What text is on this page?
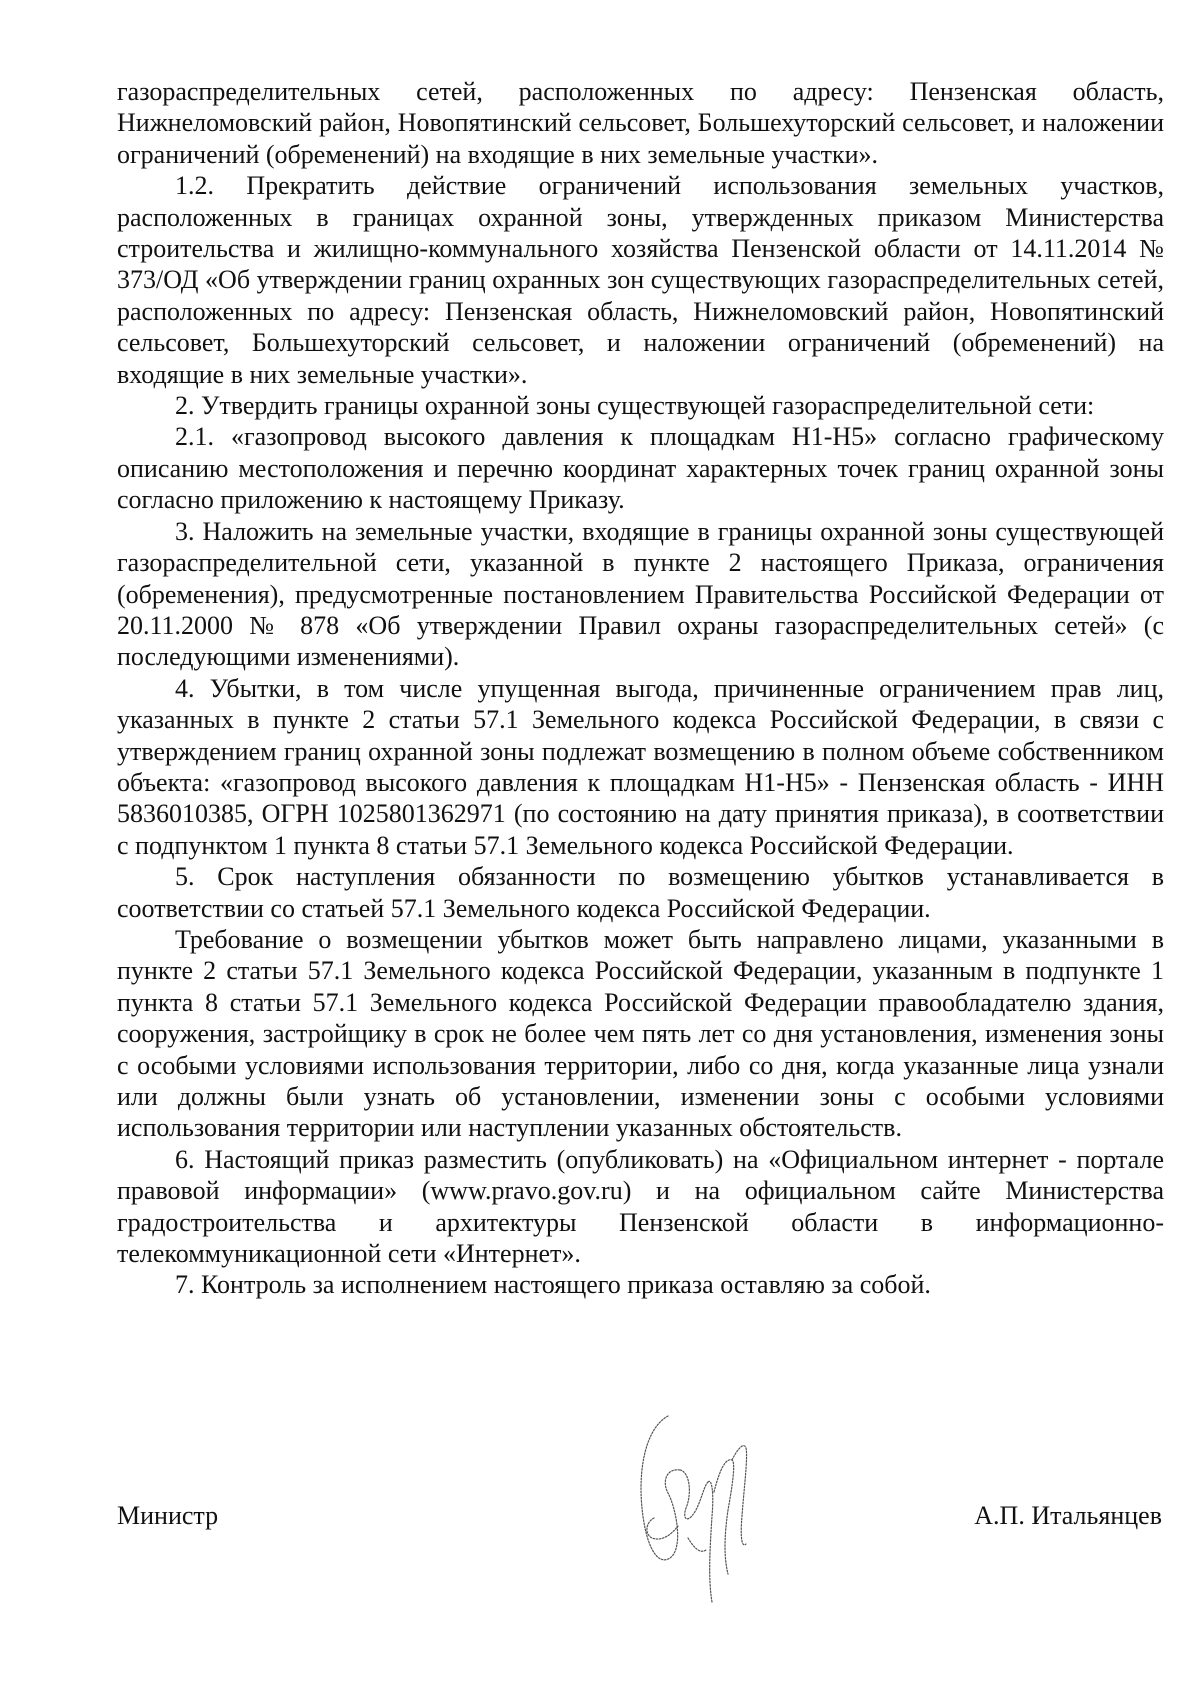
газораспределительных сетей, расположенных по адресу: Пензенская область, Нижнеломовский район, Новопятинский сельсовет, Большехуторский сельсовет, и наложении ограничений (обременений) на входящие в них земельные участки».

1.2. Прекратить действие ограничений использования земельных участков, расположенных в границах охранной зоны, утвержденных приказом Министерства строительства и жилищно-коммунального хозяйства Пензенской области от 14.11.2014 № 373/ОД «Об утверждении границ охранных зон существующих газораспределительных сетей, расположенных по адресу: Пензенская область, Нижнеломовский район, Новопятинский сельсовет, Большехуторский сельсовет, и наложении ограничений (обременений) на входящие в них земельные участки».

2. Утвердить границы охранной зоны существующей газораспределительной сети:

2.1. «газопровод высокого давления к площадкам Н1-Н5» согласно графическому описанию местоположения и перечню координат характерных точек границ охранной зоны согласно приложению к настоящему Приказу.

3. Наложить на земельные участки, входящие в границы охранной зоны существующей газораспределительной сети, указанной в пункте 2 настоящего Приказа, ограничения (обременения), предусмотренные постановлением Правительства Российской Федерации от 20.11.2000 № 878 «Об утверждении Правил охраны газораспределительных сетей» (с последующими изменениями).

4. Убытки, в том числе упущенная выгода, причиненные ограничением прав лиц, указанных в пункте 2 статьи 57.1 Земельного кодекса Российской Федерации, в связи с утверждением границ охранной зоны подлежат возмещению в полном объеме собственником объекта: «газопровод высокого давления к площадкам Н1-Н5» - Пензенская область - ИНН 5836010385, ОГРН 1025801362971 (по состоянию на дату принятия приказа), в соответствии с подпунктом 1 пункта 8 статьи 57.1 Земельного кодекса Российской Федерации.

5. Срок наступления обязанности по возмещению убытков устанавливается в соответствии со статьей 57.1 Земельного кодекса Российской Федерации.

Требование о возмещении убытков может быть направлено лицами, указанными в пункте 2 статьи 57.1 Земельного кодекса Российской Федерации, указанным в подпункте 1 пункта 8 статьи 57.1 Земельного кодекса Российской Федерации правообладателю здания, сооружения, застройщику в срок не более чем пять лет со дня установления, изменения зоны с особыми условиями использования территории, либо со дня, когда указанные лица узнали или должны были узнать об установлении, изменении зоны с особыми условиями использования территории или наступлении указанных обстоятельств.

6. Настоящий приказ разместить (опубликовать) на «Официальном интернет - портале правовой информации» (www.pravo.gov.ru) и на официальном сайте Министерства градостроительства и архитектуры Пензенской области в информационно-телекоммуникационной сети «Интернет».

7. Контроль за исполнением настоящего приказа оставляю за собой.

Министр	А.П. Итальянцев
